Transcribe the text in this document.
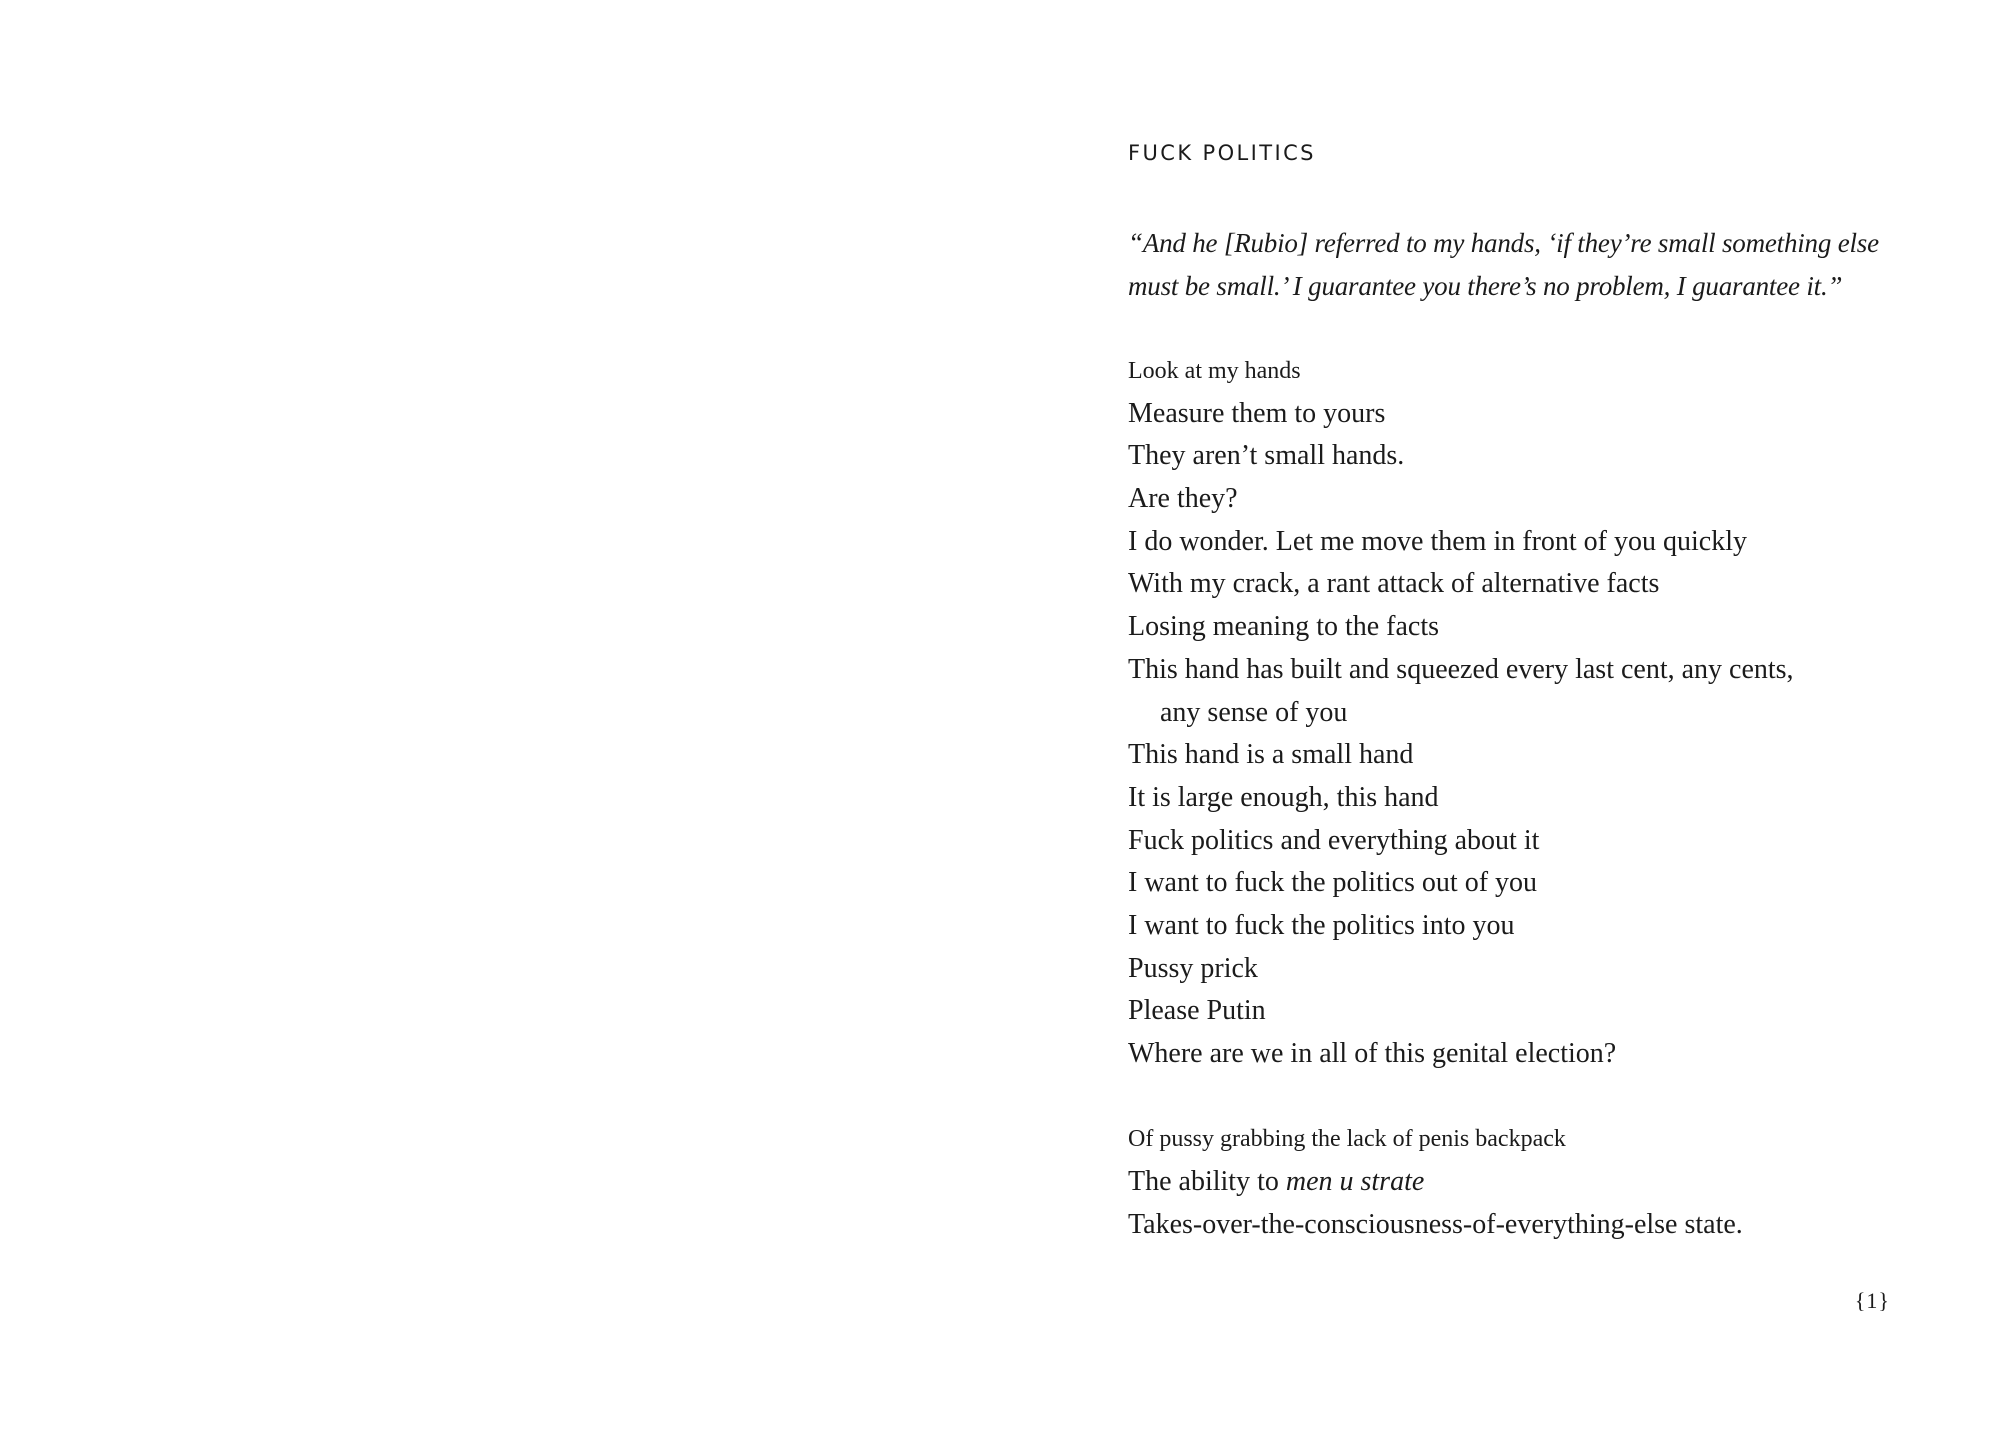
FUCK POLITICS
“And he [Rubio] referred to my hands, ‘if they’re small something else
must be small.’ I guarantee you there’s no problem, I guarantee it.”
Look at my hands
Measure them to yours
They aren’t small hands.
Are they?
I do wonder. Let me move them in front of you quickly
With my crack, a rant attack of alternative facts
Losing meaning to the facts
This hand has built and squeezed every last cent, any cents,
any sense of you
This hand is a small hand
It is large enough, this hand
Fuck politics and everything about it
I want to fuck the politics out of you
I want to fuck the politics into you
Pussy prick
Please Putin
Where are we in all of this genital election?
Of pussy grabbing the lack of penis backpack
The ability to men u strate
Takes-over-the-consciousness-of-everything-else state.
{1}
